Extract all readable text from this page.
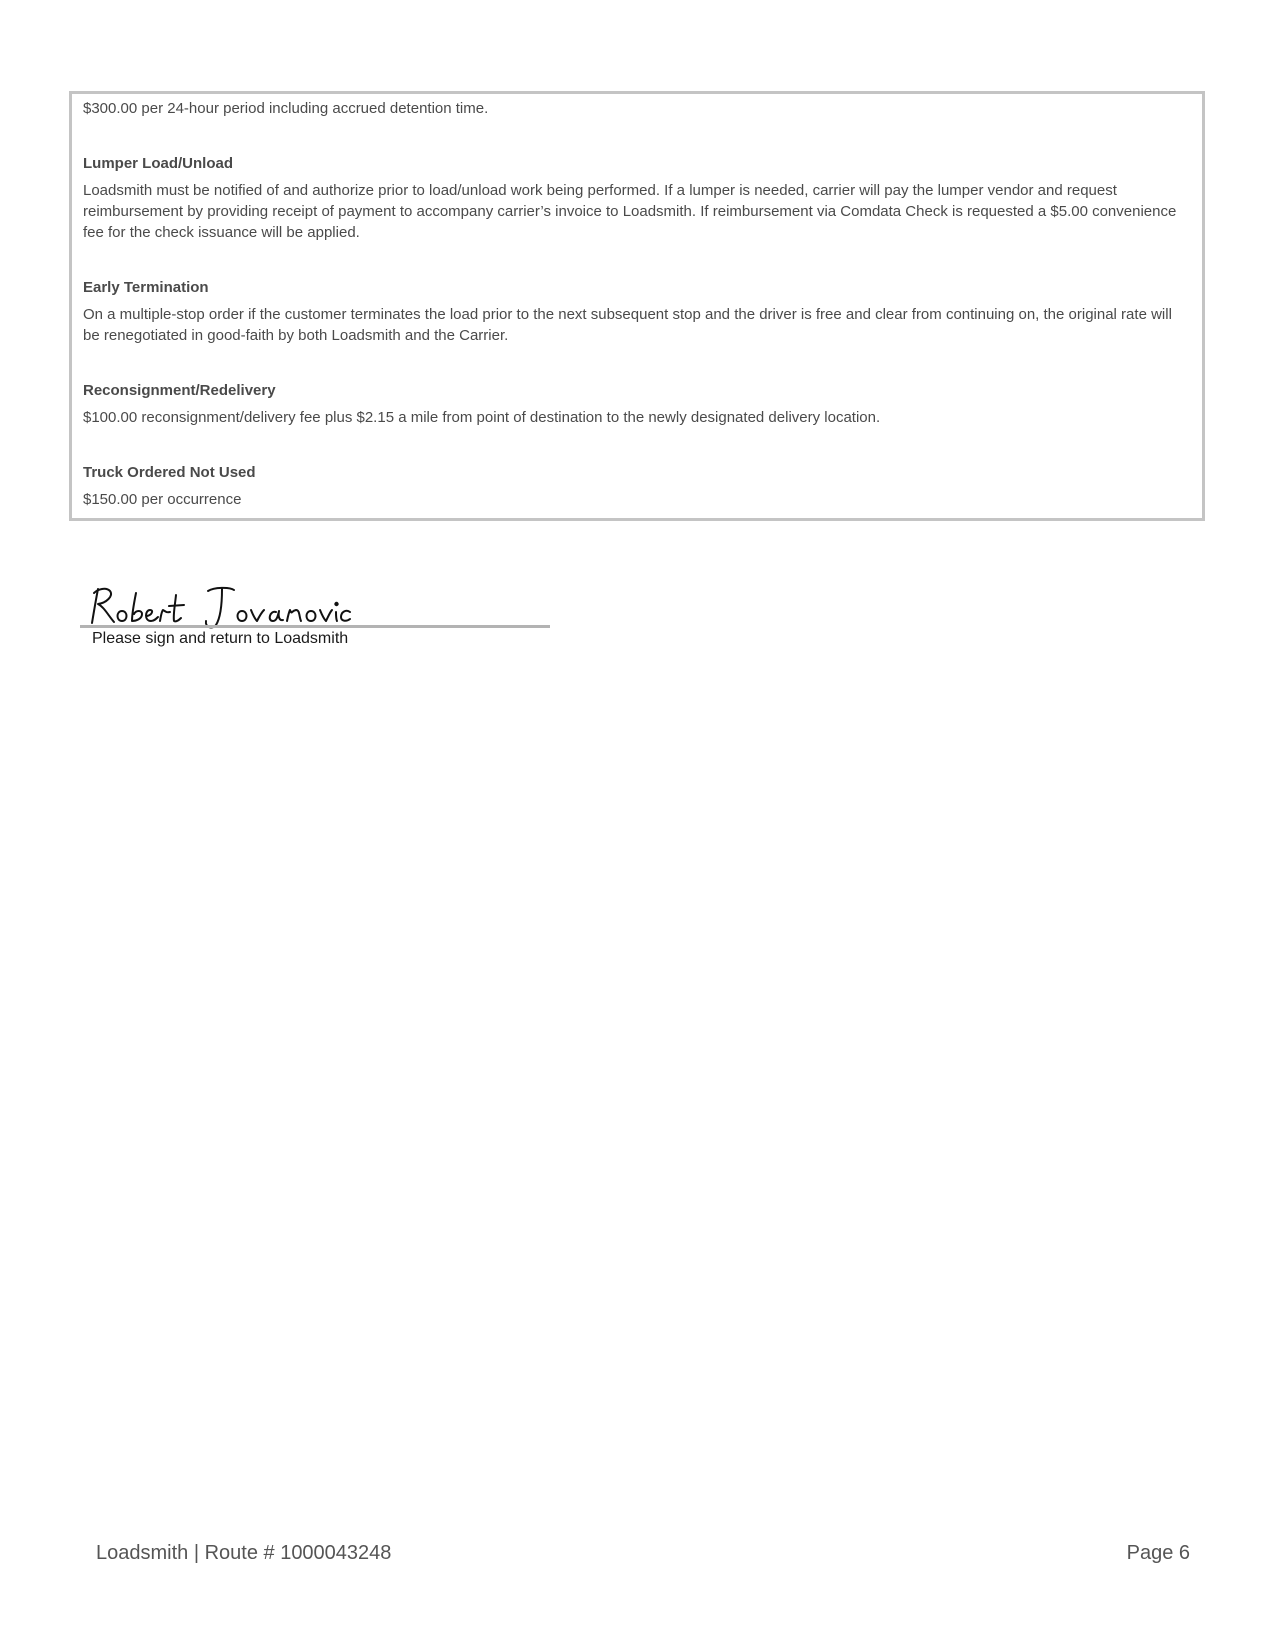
$300.00 per 24-hour period including accrued detention time.

Lumper Load/Unload

Loadsmith must be notified of and authorize prior to load/unload work being performed. If a lumper is needed, carrier will pay the lumper vendor and request reimbursement by providing receipt of payment to accompany carrier’s invoice to Loadsmith. If reimbursement via Comdata Check is requested a $5.00 convenience fee for the check issuance will be applied.

Early Termination

On a multiple-stop order if the customer terminates the load prior to the next subsequent stop and the driver is free and clear from continuing on, the original rate will be renegotiated in good-faith by both Loadsmith and the Carrier.

Reconsignment/Redelivery

$100.00 reconsignment/delivery fee plus $2.15 a mile from point of destination to the newly designated delivery location.

Truck Ordered Not Used

$150.00 per occurrence

Please sign and return to Loadsmith

Loadsmith | Route # 1000043248	Page 6
